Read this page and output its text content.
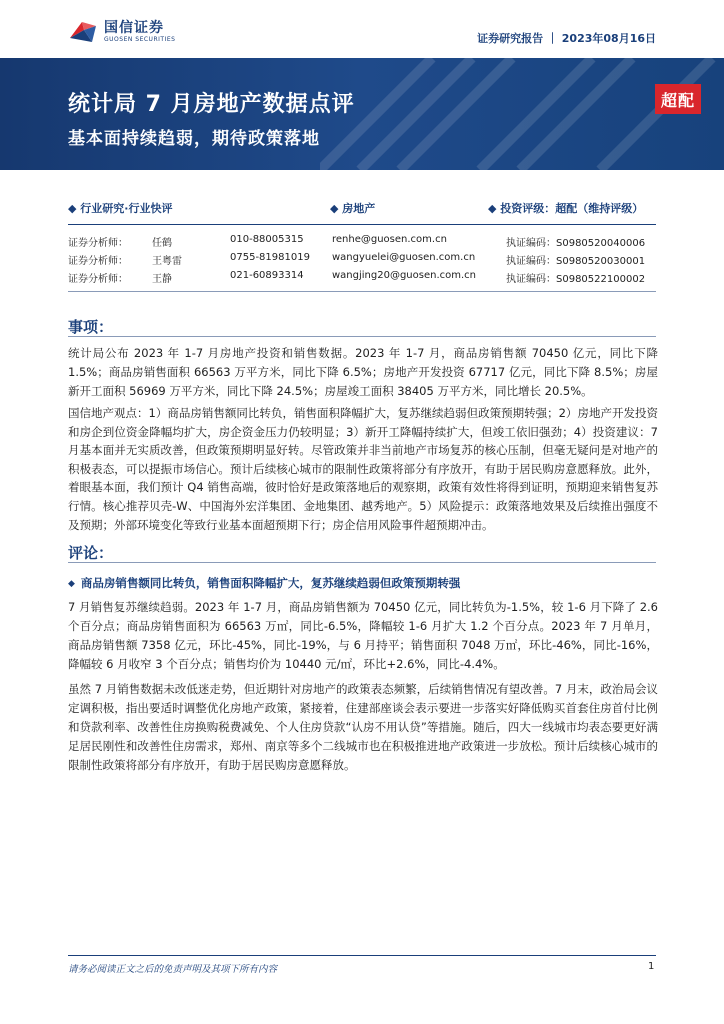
国信证券
GUOSEN SECURITIES	证券研究报告 ｜ 2023年08月16日
统计局 7 月房地产数据点评
基本面持续趋弱，期待政策落地
超配
◆ 行业研究·行业快评	◆ 房地产	◆ 投资评级：超配（维持评级）
证券分析师： 任鹤	010-88005315	renhe@guosen.com.cn	执证编码：S0980520040006
证券分析师： 王粤雷	0755-81981019 wangyuelei@guosen.com.cn	执证编码：S0980520030001
证券分析师： 王静	021-60893314	wangjing20@guosen.com.cn	执证编码：S0980522100002
事项：
统计局公布 2023 年 1-7 月房地产投资和销售数据。2023 年 1-7 月，商品房销售额 70450 亿元，同比下降 1.5%；商品房销售面积 66563 万平方米，同比下降 6.5%；房地产开发投资 67717 亿元，同比下降 8.5%；房屋新开工面积 56969 万平方米，同比下降 24.5%；房屋竣工面积 38405 万平方米，同比增长 20.5%。
国信地产观点：1）商品房销售额同比转负，销售面积降幅扩大，复苏继续趋弱但政策预期转强；2）房地产开发投资和房企到位资金降幅均扩大，房企资金压力仍较明显；3）新开工降幅持续扩大，但竣工依旧强劲；4）投资建议：7 月基本面并无实质改善，但政策预期明显好转。尽管政策并非当前地产市场复苏的核心压制，但毫无疑问是对地产的积极表态，可以提振市场信心。预计后续核心城市的限制性政策将部分有序放开，有助于居民购房意愿释放。此外，着眼基本面，我们预计 Q4 销售高端，彼时恰好是政策落地后的观察期，政策有效性将得到证明，预期迎来销售复苏行情。核心推荐贝壳-W、中国海外宏洋集团、金地集团、越秀地产。5）风险提示：政策落地效果及后续推出强度不及预期；外部环境变化等致行业基本面超预期下行；房企信用风险事件超预期冲击。
评论：
◆ 商品房销售额同比转负，销售面积降幅扩大，复苏继续趋弱但政策预期转强
7 月销售复苏继续趋弱。2023 年 1-7 月，商品房销售额为 70450 亿元，同比转负为-1.5%，较 1-6 月下降了 2.6 个百分点；商品房销售面积为 66563 万㎡，同比-6.5%，降幅较 1-6 月扩大 1.2 个百分点。2023 年 7 月单月，商品房销售额 7358 亿元，环比-45%，同比-19%，与 6 月持平；销售面积 7048 万㎡，环比-46%，同比-16%，降幅较 6 月收窄 3 个百分点；销售均价为 10440 元/㎡，环比+2.6%，同比-4.4%。
虽然 7 月销售数据未改低迷走势，但近期针对房地产的政策表态频繁，后续销售情况有望改善。7 月末，政治局会议定调积极，指出要适时调整优化房地产政策，紧接着，住建部座谈会表示要进一步落实好降低购买首套住房首付比例和贷款利率、改善性住房换购税费减免、个人住房贷款“认房不用认贷”等措施。随后，四大一线城市均表态要更好满足居民刚性和改善性住房需求，郑州、南京等多个二线城市也在积极推进地产政策进一步放松。预计后续核心城市的限制性政策将部分有序放开，有助于居民购房意愿释放。
请务必阅读正文之后的免责声明及其项下所有内容	1
